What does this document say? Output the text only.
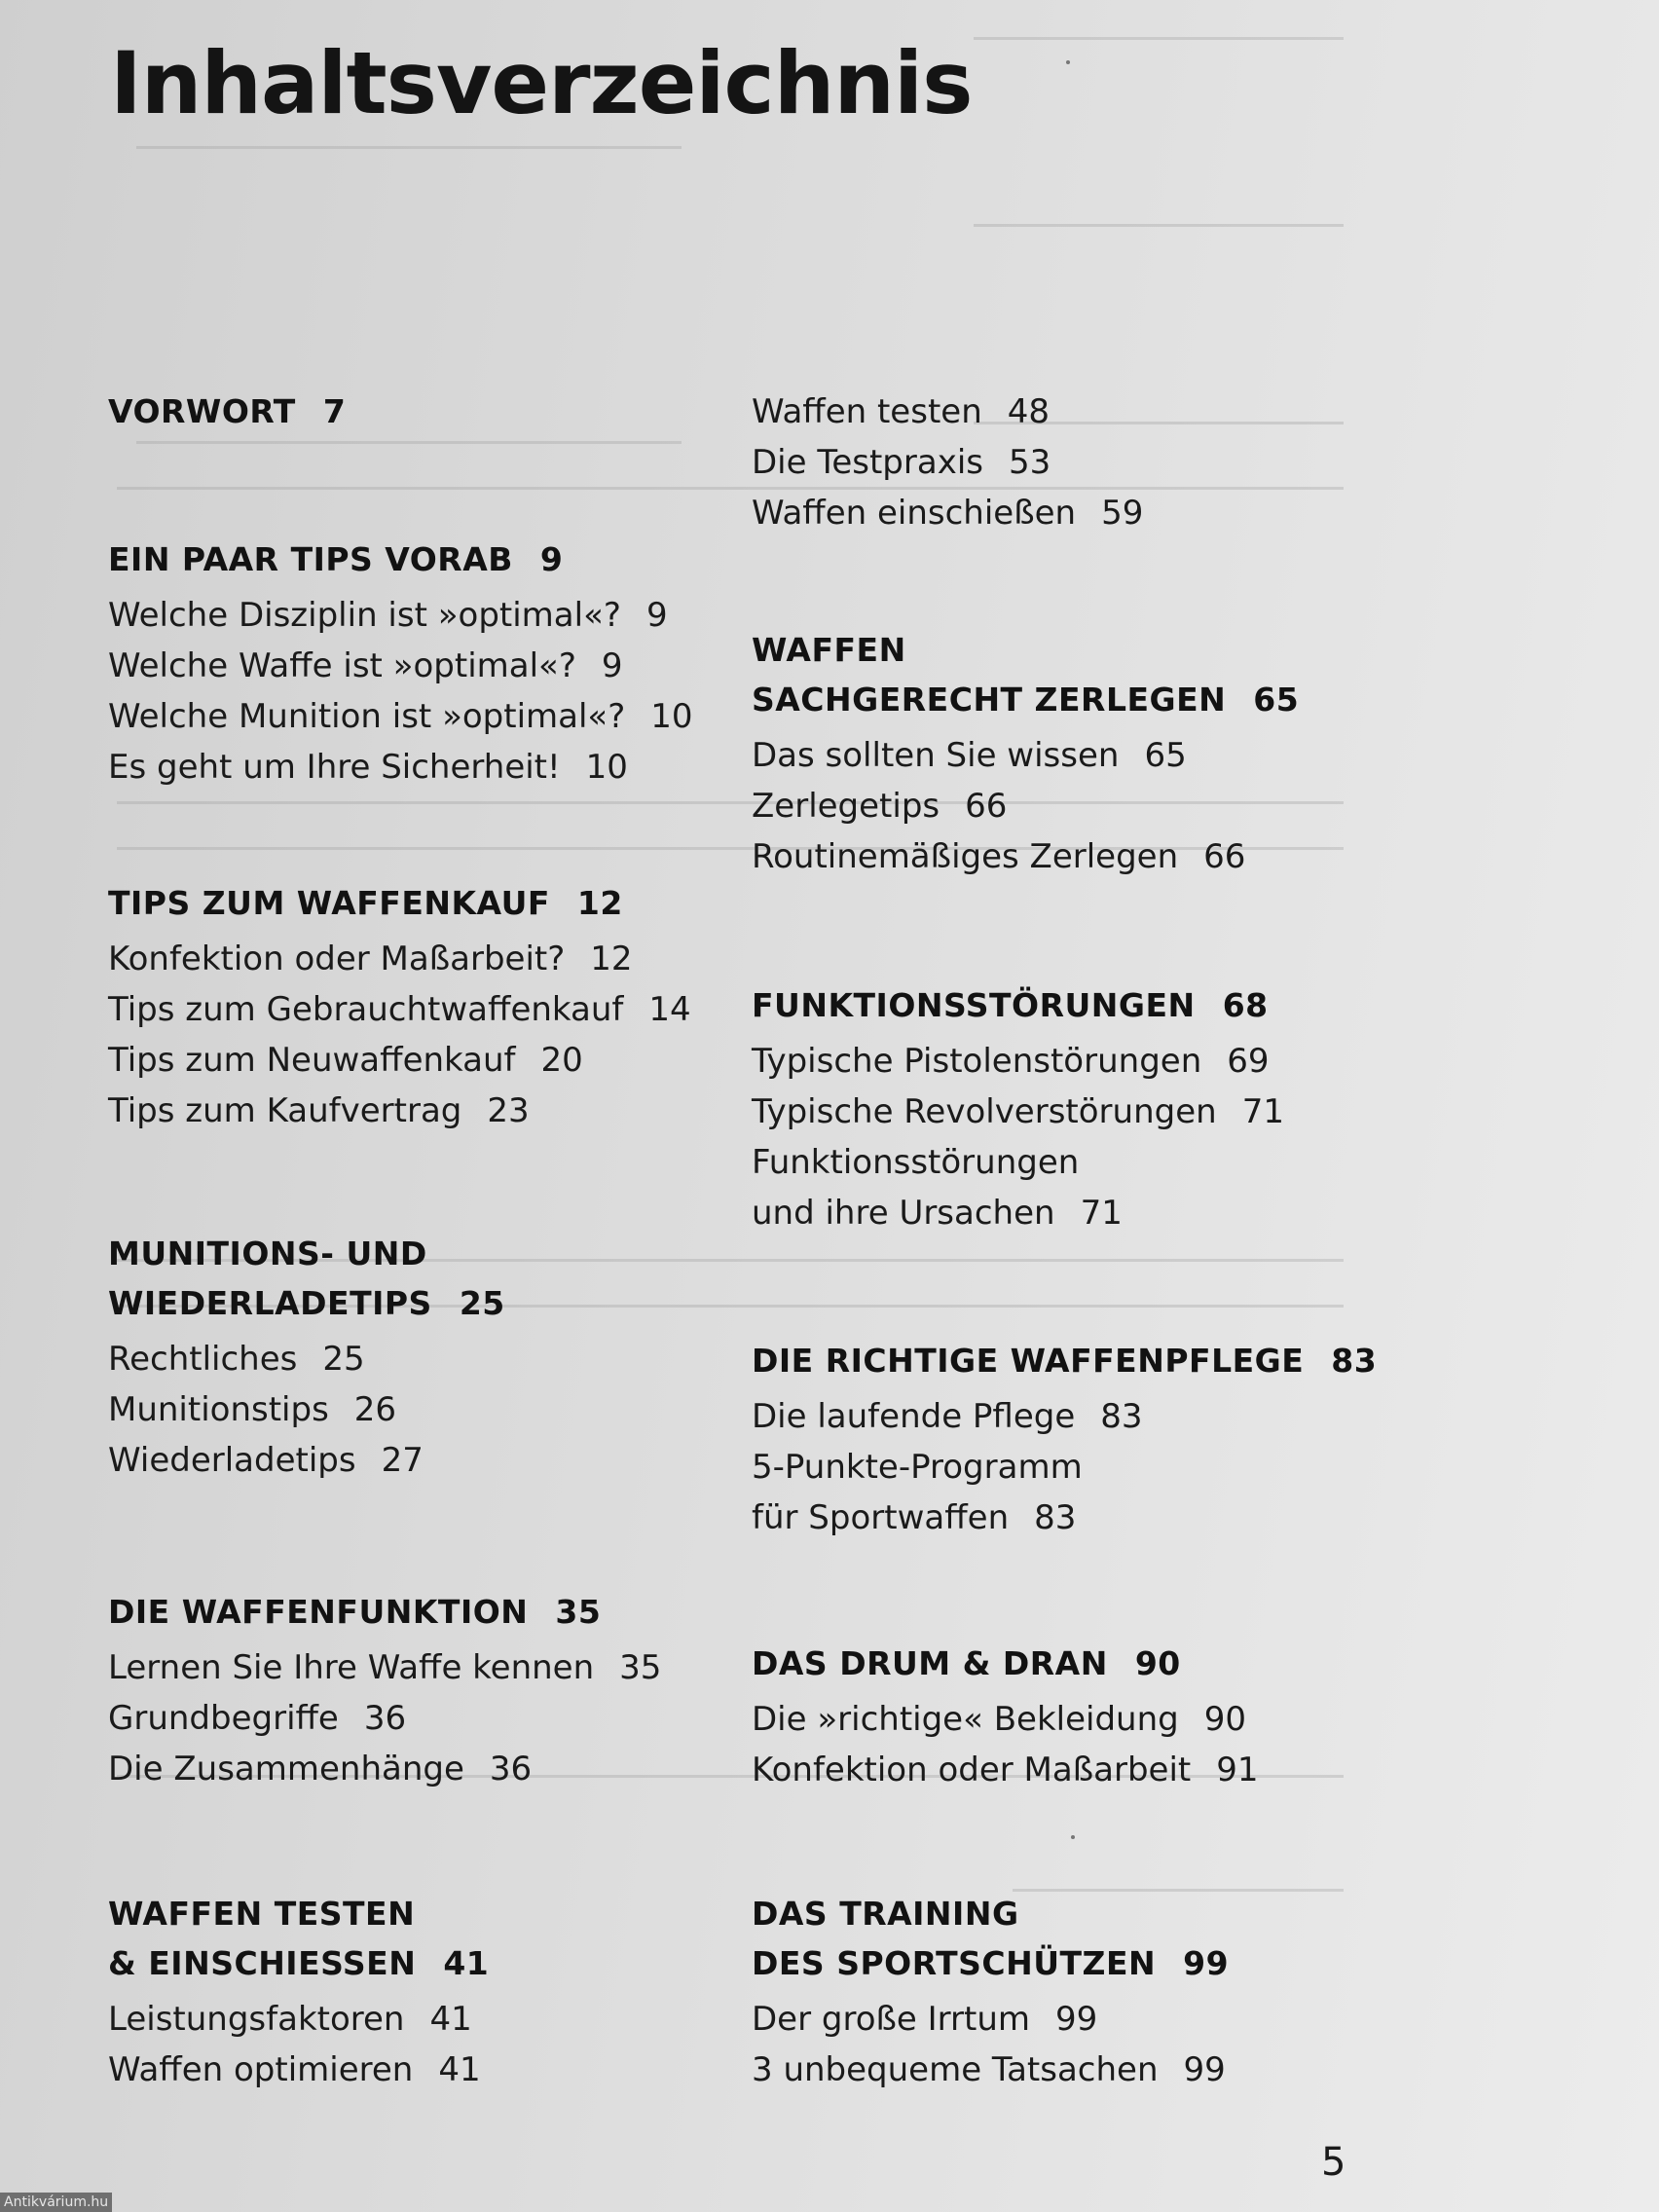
Inhaltsverzeichnis
VORWORT 7
EIN PAAR TIPS VORAB 9
Welche Disziplin ist »optimal«? 9
Welche Waffe ist »optimal«? 9
Welche Munition ist »optimal«? 10
Es geht um Ihre Sicherheit! 10
TIPS ZUM WAFFENKAUF 12
Konfektion oder Maßarbeit? 12
Tips zum Gebrauchtwaffenkauf 14
Tips zum Neuwaffenkauf 20
Tips zum Kaufvertrag 23
MUNITIONS- UND
WIEDERLADETIPS 25
Rechtliches 25
Munitionstips 26
Wiederladetips 27
DIE WAFFENFUNKTION 35
Lernen Sie Ihre Waffe kennen 35
Grundbegriffe 36
Die Zusammenhänge 36
WAFFEN TESTEN
& EINSCHIESSEN 41
Leistungsfaktoren 41
Waffen optimieren 41
Waffen testen 48
Die Testpraxis 53
Waffen einschießen 59
WAFFEN
SACHGERECHT ZERLEGEN 65
Das sollten Sie wissen 65
Zerlegetips 66
Routinemäßiges Zerlegen 66
FUNKTIONSSTÖRUNGEN 68
Typische Pistolenstörungen 69
Typische Revolverstörungen 71
Funktionsstörungen
und ihre Ursachen 71
DIE RICHTIGE WAFFENPFLEGE 83
Die laufende Pflege 83
5-Punkte-Programm
für Sportwaffen 83
DAS DRUM & DRAN 90
Die »richtige« Bekleidung 90
Konfektion oder Maßarbeit 91
DAS TRAINING
DES SPORTSCHÜTZEN 99
Der große Irrtum 99
3 unbequeme Tatsachen 99
5
Antikvárium.hu
